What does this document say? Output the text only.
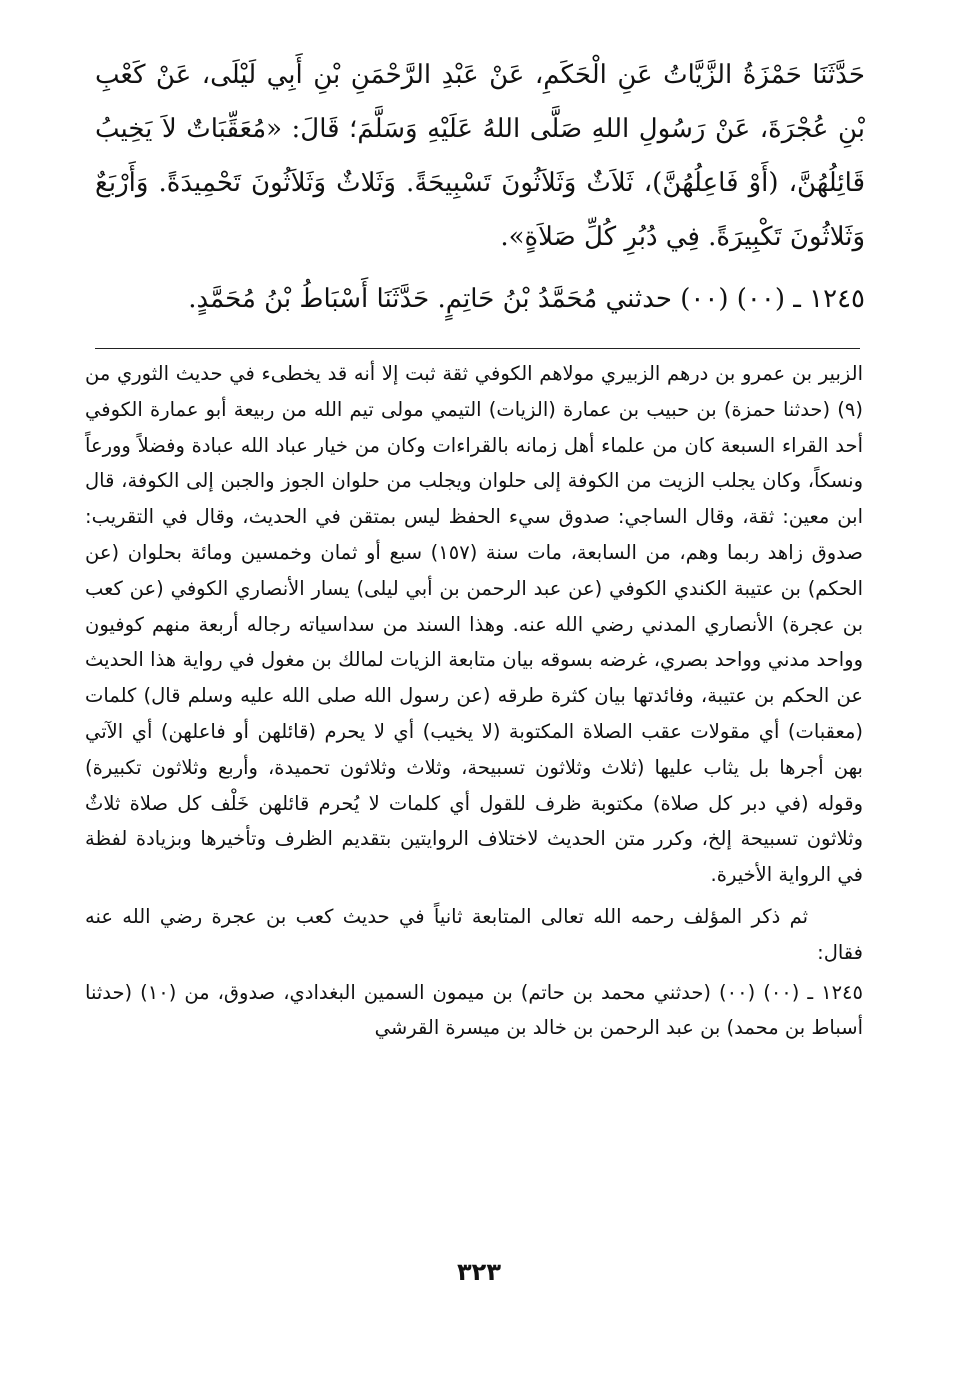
حَدَّثَنَا حَمْزَةُ الزَّيَّاتُ عَنِ الْحَكَمِ، عَنْ عَبْدِ الرَّحْمَنِ بْنِ أَبِي لَيْلَى، عَنْ كَعْبِ بْنِ عُجْرَةَ، عَنْ رَسُولِ اللهِ صَلَّى اللهُ عَلَيْهِ وَسَلَّمَ؛ قَالَ: «مُعَقِّبَاتٌ لاَ يَخِيبُ قَائِلُهُنَّ، (أَوْ فَاعِلُهُنَّ)، ثَلاَثٌ وَثَلاَثُونَ تَسْبِيحَةً. وَثَلاثٌ وَثَلاَثُونَ تَحْمِيدَةً. وَأَرْبَعٌ وَثَلاثُونَ تَكْبِيرَةً. فِي دُبُرِ كُلِّ صَلاَةٍ».

١٢٤٥ ـ (٠٠) (٠٠) حدثني مُحَمَّدُ بْنُ حَاتِمٍ. حَدَّثَنَا أَسْبَاطُ بْنُ مُحَمَّدٍ.

الزبير بن عمرو بن درهم الزبيري مولاهم الكوفي ثقة ثبت إلا أنه قد يخطىء في حديث الثوري من (٩) (حدثنا حمزة) بن حبيب بن عمارة (الزيات) التيمي مولى تيم الله من ربيعة أبو عمارة الكوفي أحد القراء السبعة كان من علماء أهل زمانه بالقراءات وكان من خيار عباد الله عبادة وفضلاً وورعاً ونسكاً، وكان يجلب الزيت من الكوفة إلى حلوان ويجلب من حلوان الجوز والجبن إلى الكوفة، قال ابن معين: ثقة، وقال الساجي: صدوق سيء الحفظ ليس بمتقن في الحديث، وقال في التقريب: صدوق زاهد ربما وهم، من السابعة، مات سنة (١٥٧) سبع أو ثمان وخمسين ومائة بحلوان (عن الحكم) بن عتيبة الكندي الكوفي (عن عبد الرحمن بن أبي ليلى) يسار الأنصاري الكوفي (عن كعب بن عجرة) الأنصاري المدني رضي الله عنه. وهذا السند من سداسياته رجاله أربعة منهم كوفيون وواحد مدني وواحد بصري، غرضه بسوقه بيان متابعة الزيات لمالك بن مغول في رواية هذا الحديث عن الحكم بن عتيبة، وفائدتها بيان كثرة طرقه (عن رسول الله صلى الله عليه وسلم قال) كلمات (معقبات) أي مقولات عقب الصلاة المكتوبة (لا يخيب) أي لا يحرم (قائلهن أو فاعلهن) أي الآتي بهن أجرها بل يثاب عليها (ثلاث وثلاثون تسبيحة، وثلاث وثلاثون تحميدة، وأربع وثلاثون تكبيرة) وقوله (في دبر كل صلاة) مكتوبة ظرف للقول أي كلمات لا يُحرم قائلهن خَلْف كل صلاة ثلاثٌ وثلاثون تسبيحة إلخ، وكرر متن الحديث لاختلاف الروايتين بتقديم الظرف وتأخيرها وبزيادة لفظة في الرواية الأخيرة.

ثم ذكر المؤلف رحمه الله تعالى المتابعة ثانياً في حديث كعب بن عجرة رضي الله عنه فقال:

١٢٤٥ ـ (٠٠) (٠٠) (حدثني محمد بن حاتم) بن ميمون السمين البغدادي، صدوق، من (١٠) (حدثنا أسباط بن محمد) بن عبد الرحمن بن خالد بن ميسرة القرشي

٣٢٣
